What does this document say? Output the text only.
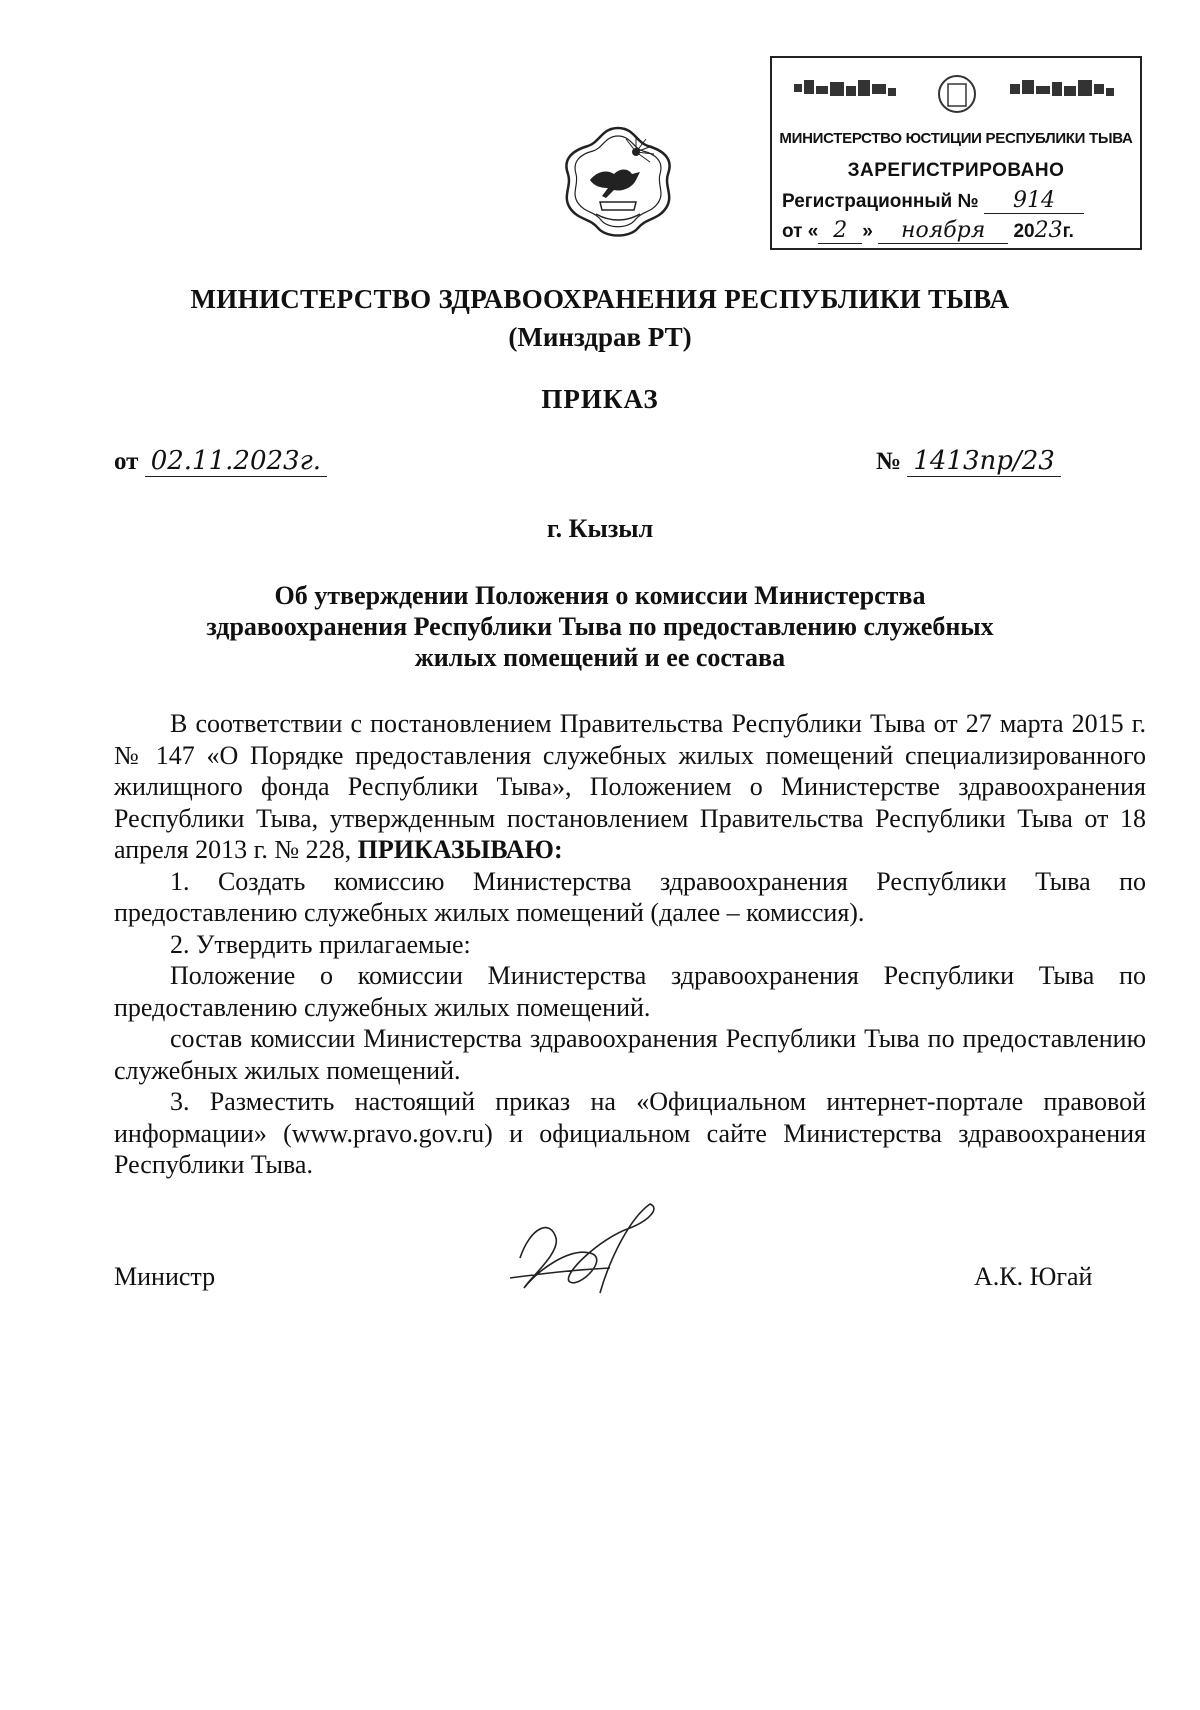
МИНИСТЕРСТВО ЮСТИЦИИ РЕСПУБЛИКИ ТЫВА
ЗАРЕГИСТРИРОВАНО
Регистрационный № 914
от « 2 » ноября 2023г.
МИНИСТЕРСТВО ЗДРАВООХРАНЕНИЯ РЕСПУБЛИКИ ТЫВА
(Минздрав РТ)
ПРИКАЗ
от 02.11.2023г.	№ 1413пр/23
г. Кызыл
Об утверждении Положения о комиссии Министерства здравоохранения Республики Тыва по предоставлению служебных жилых помещений и ее состава

В соответствии с постановлением Правительства Республики Тыва от 27 марта 2015 г. № 147 «О Порядке предоставления служебных жилых помещений специализированного жилищного фонда Республики Тыва», Положением о Министерстве здравоохранения Республики Тыва, утвержденным постановлением Правительства Республики Тыва от 18 апреля 2013 г. № 228, ПРИКАЗЫВАЮ:

1. Создать комиссию Министерства здравоохранения Республики Тыва по предоставлению служебных жилых помещений (далее – комиссия).

2. Утвердить прилагаемые:

Положение о комиссии Министерства здравоохранения Республики Тыва по предоставлению служебных жилых помещений.

состав комиссии Министерства здравоохранения Республики Тыва по предоставлению служебных жилых помещений.

3. Разместить настоящий приказ на «Официальном интернет-портале правовой информации» (www.pravo.gov.ru) и официальном сайте Министерства здравоохранения Республики Тыва.

Министр	А.К. Югай
